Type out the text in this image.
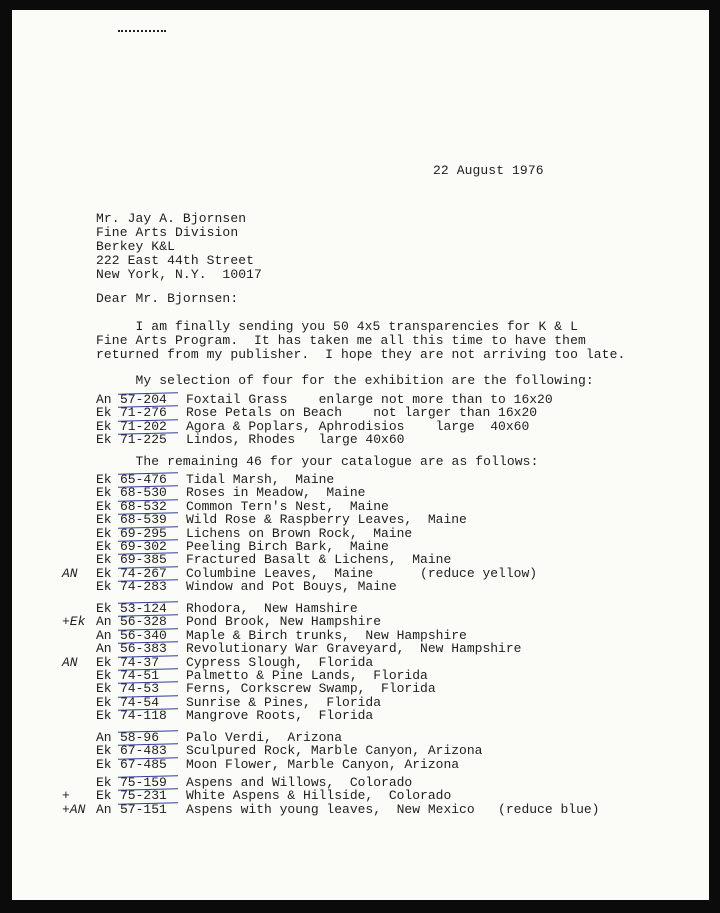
22 August 1976
Mr. Jay A. Bjornsen
Fine Arts Division
Berkey K&L
222 East 44th Street
New York, N.Y.  10017
Dear Mr. Bjornsen:
I am finally sending you 50 4x5 transparencies for K & L
Fine Arts Program.  It has taken me all this time to have them
returned from my publisher.  I hope they are not arriving too late.
My selection of four for the exhibition are the following:
An 57-204 Foxtail Grass    enlarge not more than to 16x20
Ek 71-276 Rose Petals on Beach    not larger than 16x20
Ek 71-202 Agora & Poplars, Aphrodisios    large  40x60
Ek 71-225 Lindos, Rhodes   large 40x60
The remaining 46 for your catalogue are as follows:
Ek 65-476 Tidal Marsh,  Maine
Ek 68-530 Roses in Meadow,  Maine
Ek 68-532 Common Tern's Nest,  Maine
Ek 68-539 Wild Rose & Raspberry Leaves,  Maine
Ek 69-295 Lichens on Brown Rock,  Maine
Ek 69-302 Peeling Birch Bark,  Maine
Ek 69-385 Fractured Basalt & Lichens,  Maine
Ek 74-267 Columbine Leaves,  Maine      (reduce yellow)
AN
Ek 74-283 Window and Pot Bouys, Maine
Ek 53-124 Rhodora,  New Hamshire
An 56-328 Pond Brook, New Hampshire
+Ek
An 56-340 Maple & Birch trunks,  New Hampshire
An 56-383 Revolutionary War Graveyard,  New Hampshire
Ek 74-37 Cypress Slough,  Florida
AN
Ek 74-51 Palmetto & Pine Lands,  Florida
Ek 74-53 Ferns, Corkscrew Swamp,  Florida
Ek 74-54 Sunrise & Pines,  Florida
Ek 74-118 Mangrove Roots,  Florida
An 58-96 Palo Verdi,  Arizona
Ek 67-483 Sculpured Rock, Marble Canyon, Arizona
Ek 67-485 Moon Flower, Marble Canyon, Arizona
Ek 75-159 Aspens and Willows,  Colorado
Ek 75-231 White Aspens & Hillside,  Colorado
+
An 57-151 Aspens with young leaves,  New Mexico   (reduce blue)
+AN
